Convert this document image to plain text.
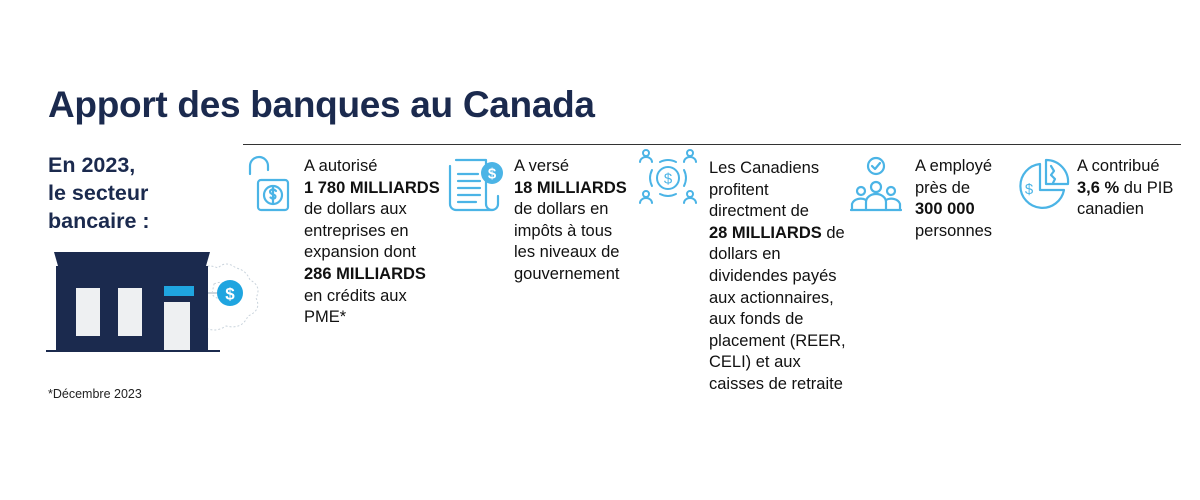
Apport des banques au Canada
En 2023,
le secteur
bancaire :
$
*Décembre 2023
A autorisé
1 780 MILLIARDS
de dollars aux
entreprises en
expansion dont
286 MILLIARDS
en crédits aux
PME*
$ A versé
18 MILLIARDS
de dollars en
impôts à tous
les niveaux de
gouvernement
$
Les Canadiens
profitent
directment de
28 MILLIARDS de
dollars en
dividendes payés
aux actionnaires,
aux fonds de
placement (REER,
CELI) et aux
caisses de retraite
A employé
près de
300 000
personnes
$
A contribué
3,6 % du PIB
canadien
